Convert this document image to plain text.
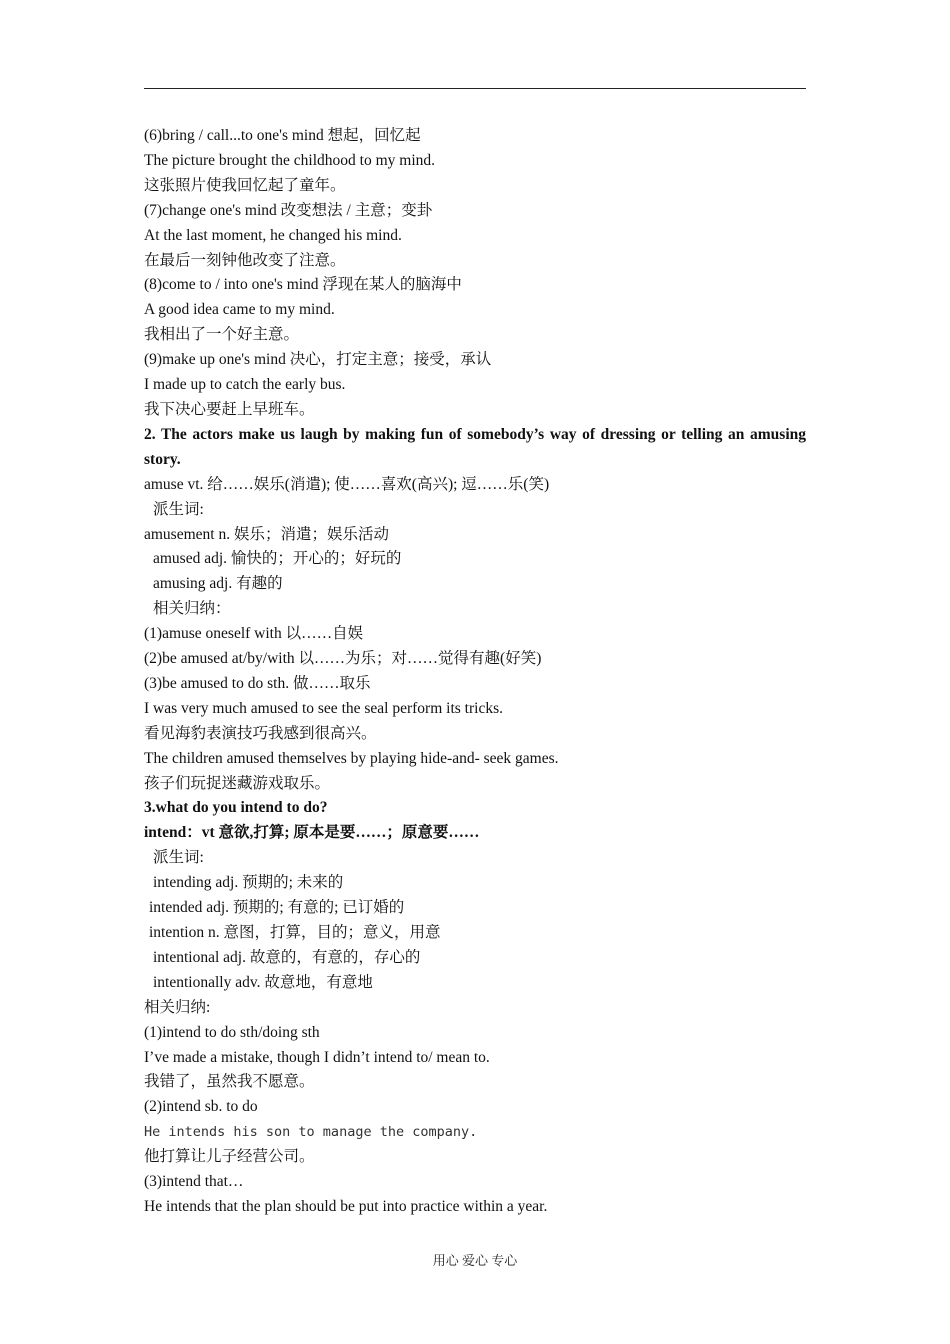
(6)bring / call...to one's mind 想起，回忆起
The picture brought the childhood to my mind.
这张照片使我回忆起了童年。
(7)change one's mind 改变想法 / 主意；变卦
At the last moment, he changed his mind.
在最后一刻钟他改变了注意。
(8)come to / into one's mind 浮现在某人的脑海中
A good idea came to my mind.
我相出了一个好主意。
(9)make up one's mind 决心，打定主意；接受，承认
I made up to catch the early bus.
我下决心要赶上早班车。
2. The actors make us laugh by making fun of somebody’s way of dressing or telling an amusing story.
amuse vt. 给……娱乐(消遣); 使……喜欢(高兴); 逗……乐(笑)
派生词:
amusement n. 娱乐；消遣；娱乐活动
amused adj. 愉快的；开心的；好玩的
amusing adj. 有趣的
相关归纳：
(1)amuse oneself with 以……自娱
(2)be amused at/by/with 以……为乐；对……觉得有趣(好笑)
(3)be amused to do sth. 做……取乐
I was very much amused to see the seal perform its tricks.
看见海豹表演技巧我感到很高兴。
The children amused themselves by playing hide-and- seek games.
孩子们玩捉迷藏游戏取乐。
3.what do you intend to do?
intend：vt 意欲,打算; 原本是要……；原意要……
派生词:
intending adj. 预期的; 未来的
intended adj. 预期的; 有意的; 已订婚的
intention n. 意图，打算，目的；意义，用意
intentional adj. 故意的，有意的，存心的
intentionally adv. 故意地，有意地
相关归纳:
(1)intend to do sth/doing sth
I’ve made a mistake, though I didn’t intend to/ mean to.
我错了，虽然我不愿意。
(2)intend sb. to do
He intends his son to manage the company.
他打算让儿子经营公司。
(3)intend that…
He intends that the plan should be put into practice within a year.
用心 爱心 专心
